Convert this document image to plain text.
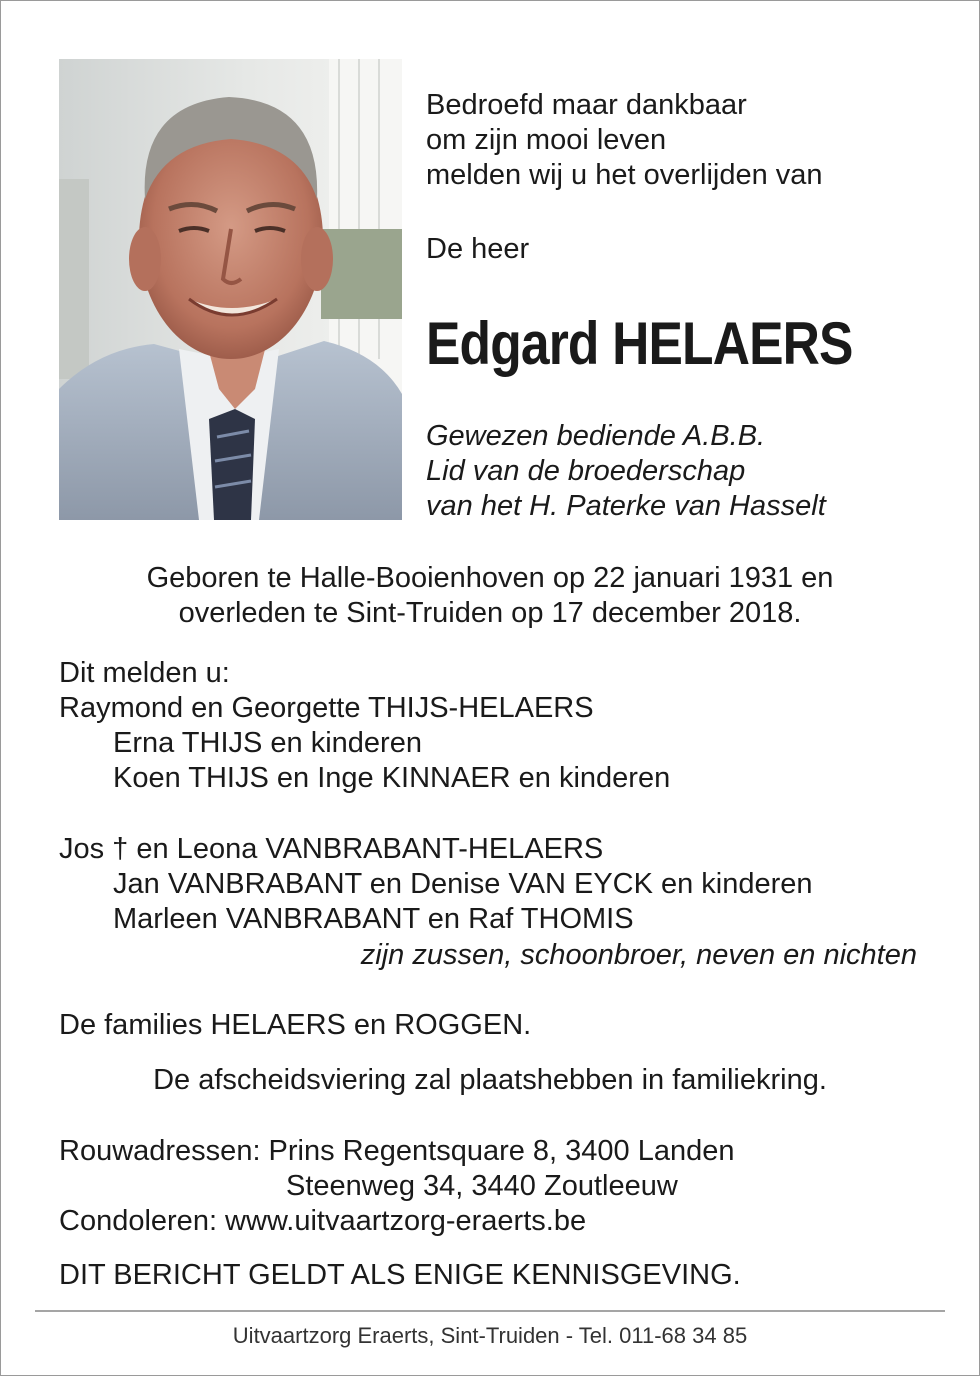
Bedroefd maar dankbaar
om zijn mooi leven
melden wij u het overlijden van
De heer
Edgard HELAERS
Gewezen bediende A.B.B.
Lid van de broederschap
van het H. Paterke van Hasselt
Geboren te Halle-Booienhoven op 22 januari 1931 en
overleden te Sint-Truiden op 17 december 2018.
Dit melden u:
Raymond en Georgette THIJS-HELAERS
Erna THIJS en kinderen
Koen THIJS en Inge KINNAER en kinderen
Jos † en Leona VANBRABANT-HELAERS
Jan VANBRABANT en Denise VAN EYCK en kinderen
Marleen VANBRABANT en Raf THOMIS
zijn zussen, schoonbroer, neven en nichten
De families HELAERS en ROGGEN.
De afscheidsviering zal plaatshebben in familiekring.
Rouwadressen: Prins Regentsquare 8, 3400 Landen
Steenweg 34, 3440 Zoutleeuw
Condoleren: www.uitvaartzorg-eraerts.be
DIT BERICHT GELDT ALS ENIGE KENNISGEVING.
Uitvaartzorg Eraerts, Sint-Truiden - Tel. 011-68 34 85
